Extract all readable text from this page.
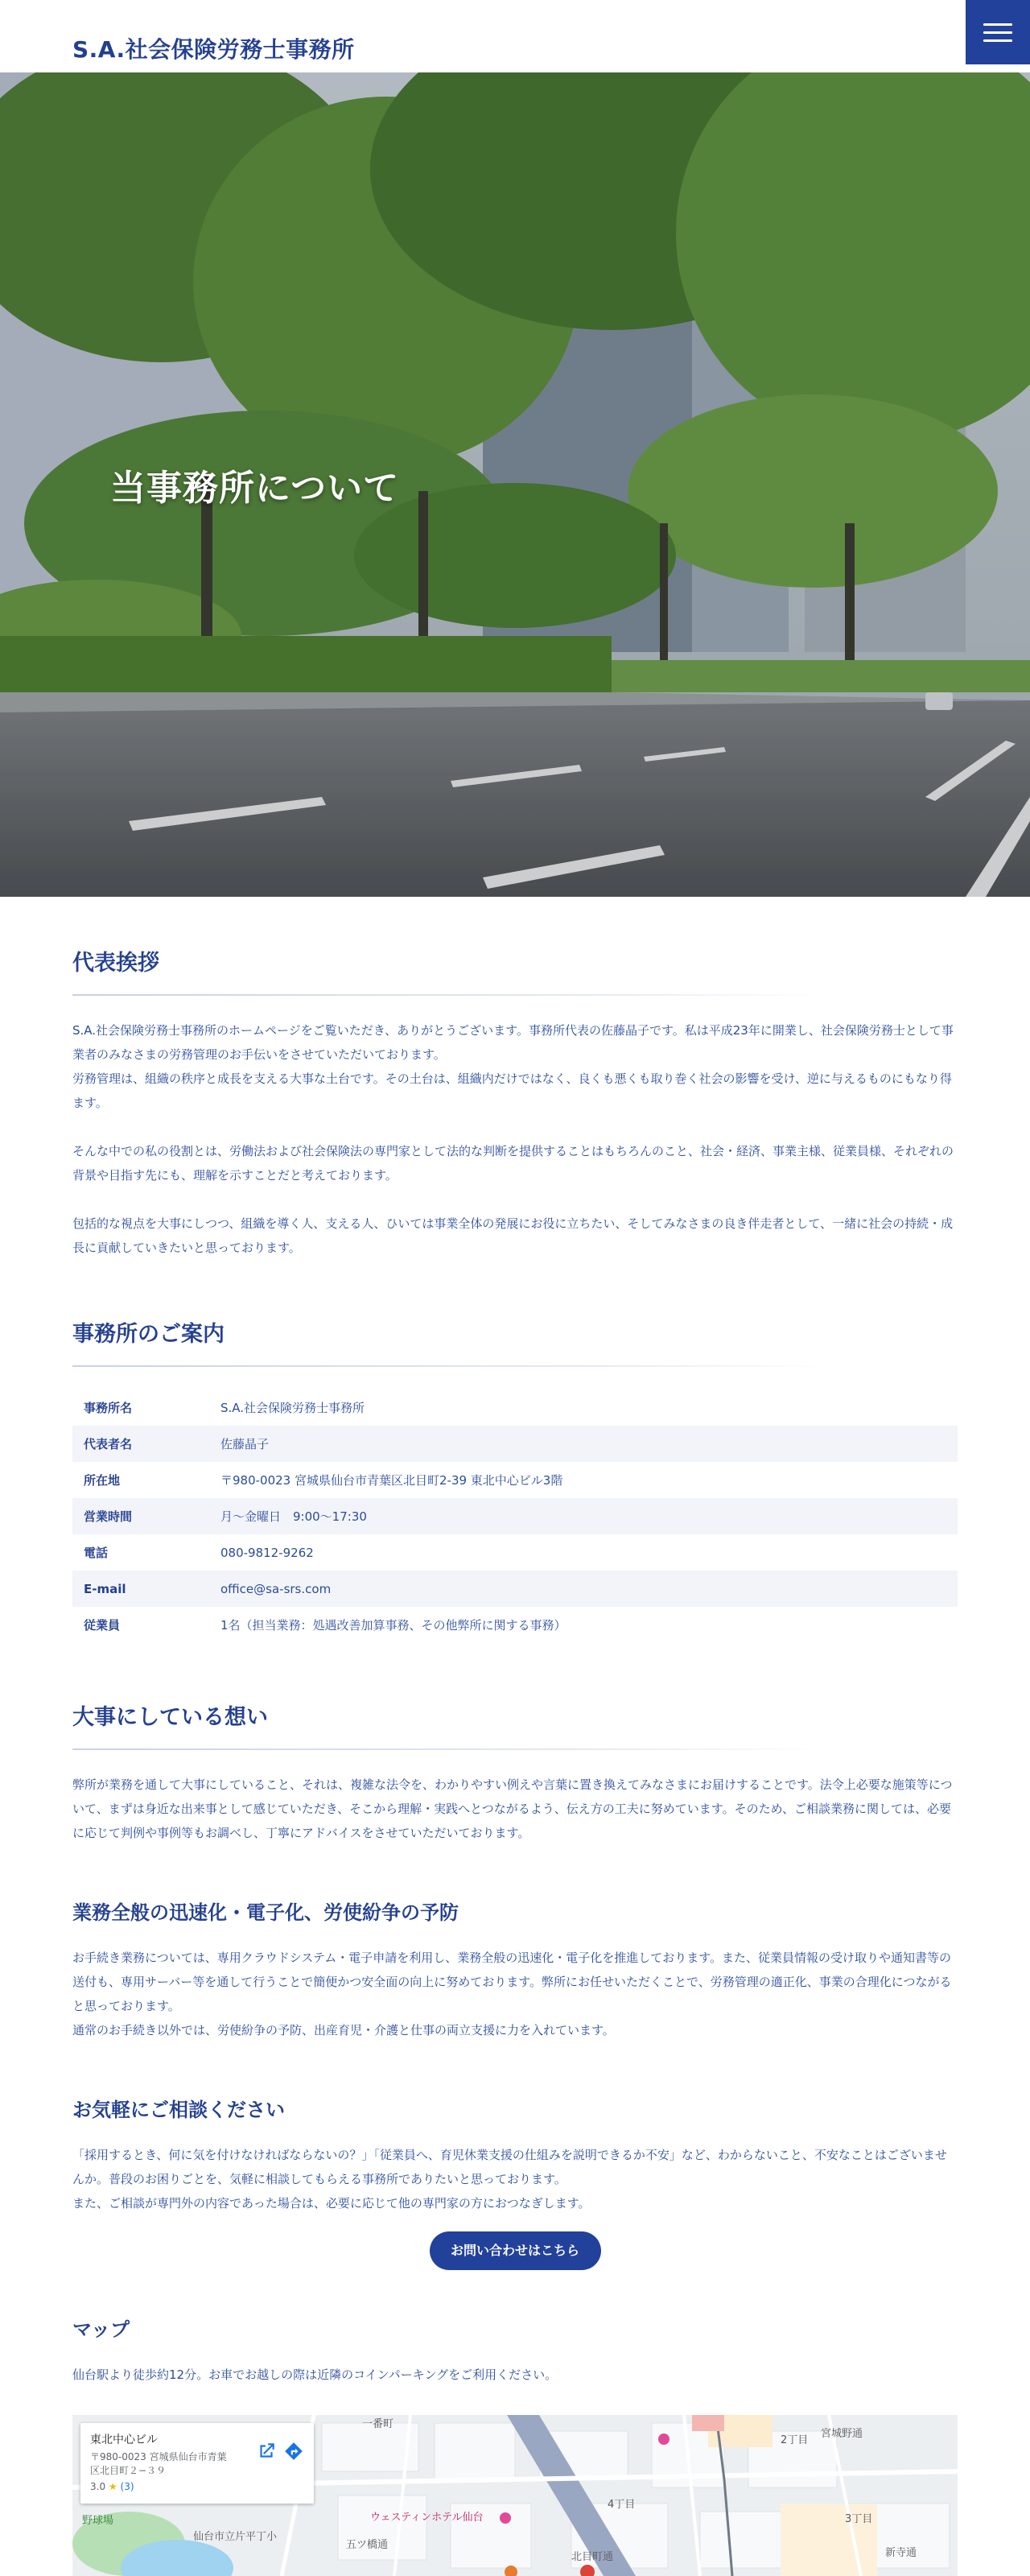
S.A.社会保険労務士事務所
当事務所について
代表挨拶

S.A.社会保険労務士事務所のホームページをご覧いただき、ありがとうございます。事務所代表の佐藤晶子です。私は平成23年に開業し、社会保険労務士として事業者のみなさまの労務管理のお手伝いをさせていただいております。

労務管理は、組織の秩序と成長を支える大事な土台です。その土台は、組織内だけではなく、良くも悪くも取り巻く社会の影響を受け、逆に与えるものにもなり得ます。

そんな中での私の役割とは、労働法および社会保険法の専門家として法的な判断を提供することはもちろんのこと、社会・経済、事業主様、従業員様、それぞれの背景や目指す先にも、理解を示すことだと考えております。

包括的な視点を大事にしつつ、組織を導く人、支える人、ひいては事業全体の発展にお役に立ちたい、そしてみなさまの良き伴走者として、一緒に社会の持続・成長に貢献していきたいと思っております。

事務所のご案内
事務所名	S.A.社会保険労務士事務所
代表者名	佐藤晶子
所在地	〒980-0023 宮城県仙台市青葉区北目町2-39 東北中心ビル3階
営業時間	月～金曜日　9:00～17:30
電話	080-9812-9262
E-mail	office@sa-srs.com
従業員	1名（担当業務：処遇改善加算事務、その他弊所に関する事務）
大事にしている想い

弊所が業務を通して大事にしていること、それは、複雑な法令を、わかりやすい例えや言葉に置き換えてみなさまにお届けすることです。法令上必要な施策等について、まずは身近な出来事として感じていただき、そこから理解・実践へとつながるよう、伝え方の工夫に努めています。そのため、ご相談業務に関しては、必要に応じて判例や事例等もお調べし、丁寧にアドバイスをさせていただいております。

業務全般の迅速化・電子化、労使紛争の予防

お手続き業務については、専用クラウドシステム・電子申請を利用し、業務全般の迅速化・電子化を推進しております。また、従業員情報の受け取りや通知書等の送付も、専用サーバー等を通して行うことで簡便かつ安全面の向上に努めております。弊所にお任せいただくことで、労務管理の適正化、事業の合理化につながると思っております。

通常のお手続き以外では、労使紛争の予防、出産育児・介護と仕事の両立支援に力を入れています。

お気軽にご相談ください

「採用するとき、何に気を付けなければならないの？」「従業員へ、育児休業支援の仕組みを説明できるか不安」など、わからないこと、不安なことはございませんか。普段のお困りごとを、気軽に相談してもらえる事務所でありたいと思っております。

また、ご相談が専門外の内容であった場合は、必要に応じて他の専門家の方におつなぎします。

お問い合わせはこちら
マップ

仙台駅より徒歩約12分。お車でお越しの際は近隣のコインパーキングをご利用ください。

一番町
宮城野通
ウェスティンホテル仙台
4丁目
3丁目
五ツ橋通
仙台市立片平丁小
北目町通	新寺通
2丁目
野球場
東北中心ビル
〒980-0023 宮城県仙台市青葉区北目町２−３９
3.0 ★ (3)
